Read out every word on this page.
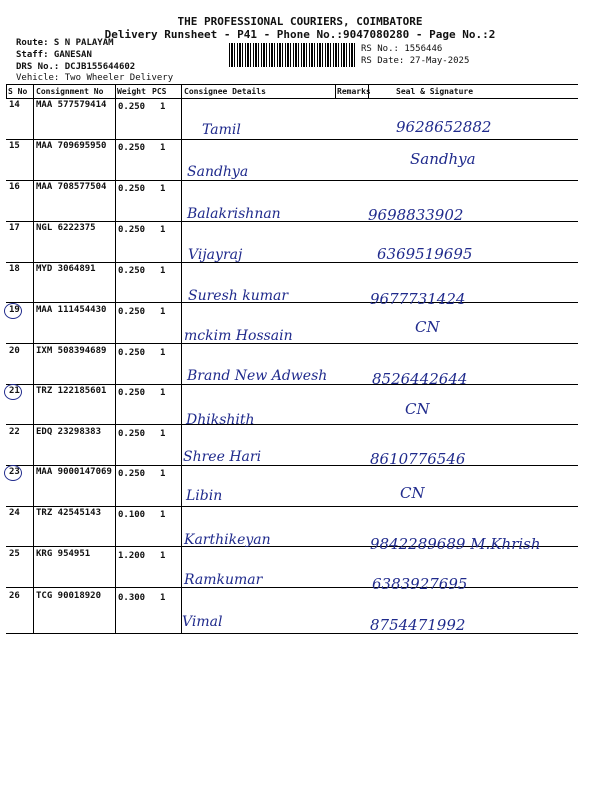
THE PROFESSIONAL COURIERS, COIMBATORE
Delivery Runsheet - P41 - Phone No.:9047080280 - Page No.:2
Route: S N PALAYAM
Staff: GANESAN
DRS No.: DCJB155644602
Vehicle: Two Wheeler Delivery
RS No.: 1556446
RS Date: 27-May-2025
S No Consignment No Weight PCS Consignee Details	Remarks	Seal & Signature
14 MAA 577579414 0.250 1
Tamil	9628652882
15 MAA 709695950 0.250 1
Sandhya
Sandhya
16 MAA 708577504 0.250 1
Balakrishnan	9698833902
17 NGL 6222375 0.250 1
Vijayraj	6369519695
18 MYD 3064891 0.250 1
Suresh kumar	9677731424
19 MAA 111454430 0.250 1
mckim Hossain	CN
20 IXM 508394689 0.250 1
Brand New Adwesh	8526442644
21 TRZ 122185601 0.250 1
Dhikshith
CN
22 EDQ 23298383 0.250 1
Shree Hari	8610776546
23 MAA 9000147069 0.250 1
Libin	CN
24 TRZ 42545143 0.100 1
Karthikeyan	9842289689 M.Khrish
25 KRG 954951	1.200 1
Ramkumar	6383927695
26 TCG 90018920 0.300 1
Vimal	8754471992
